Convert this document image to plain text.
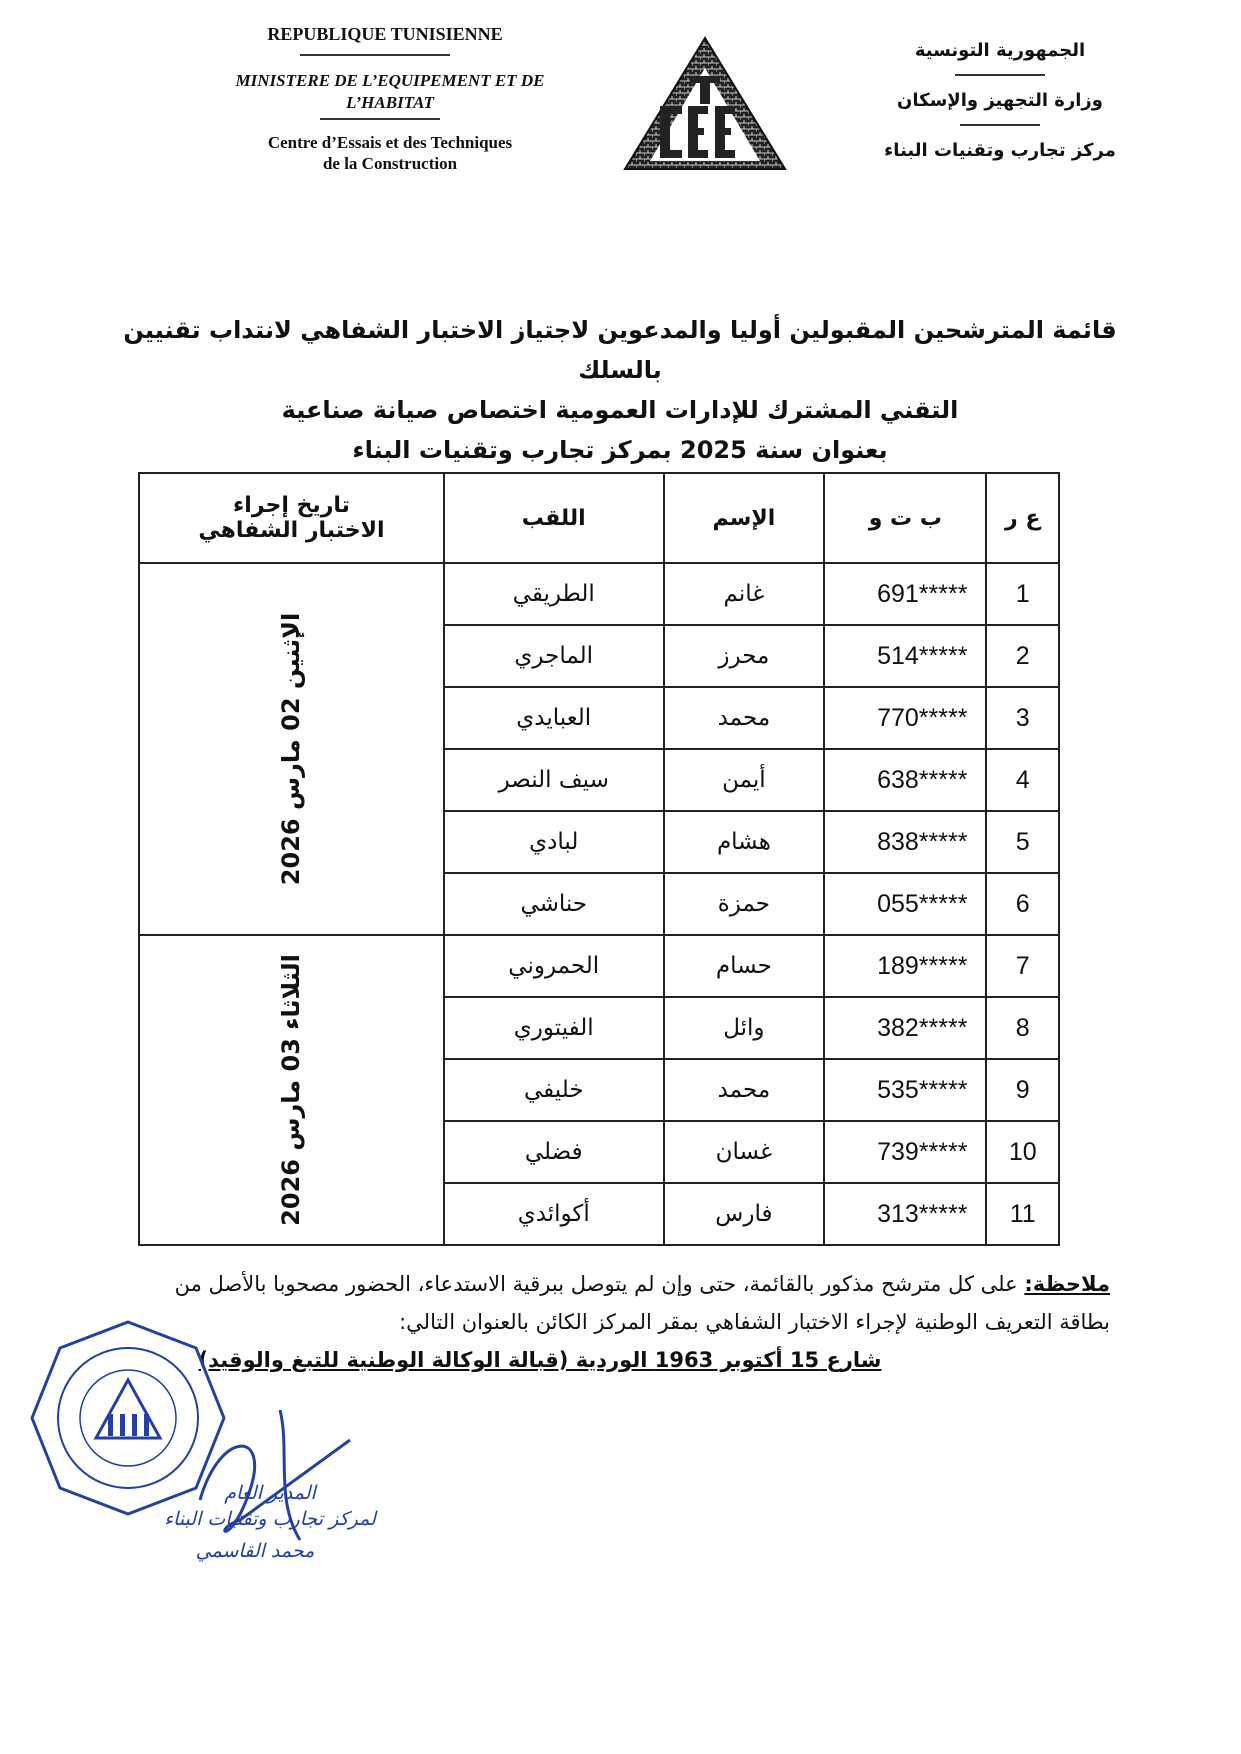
REPUBLIQUE TUNISIENNE
MINISTERE DE L’EQUIPEMENT ET DE
L’HABITAT
Centre d’Essais et des Techniques
de la Construction	CETC
الجمهورية التونسية
وزارة التجهيز والإسكان
مركز تجارب وتقنيات البناء
قائمة المترشحين المقبولين أوليا والمدعوين لاجتياز الاختبار الشفاهي لانتداب تقنيين بالسلك
التقني المشترك للإدارات العمومية اختصاص صيانة صناعية
بعنوان سنة 2025 بمركز تجارب وتقنيات البناء
ع ر	ب ت و	الإسم	اللقب	تاريخ إجراء
الاختبار الشفاهي

1	691*****	غانم	الطريقي	الإثنين 02 مارس 2026

2	514*****	محرز	الماجري	
3	770*****	محمد	العبايدي	
4	638*****	أيمن	سيف النصر	
5	838*****	هشام	لبادي	
6	055*****	حمزة	حناشي	
7	189*****	حسام	الحمروني	الثلاثاء 03 مارس 2026

8	382*****	وائل	الفيتوري	
9	535*****	محمد	خليفي	
10	739*****	غسان	فضلي	
11	313*****	فارس	أكوائدي	
ملاحظة: على كل مترشح مذكور بالقائمة، حتى وإن لم يتوصل ببرقية الاستدعاء، الحضور مصحوبا بالأصل من
بطاقة التعريف الوطنية لإجراء الاختبار الشفاهي بمقر المركز الكائن بالعنوان التالي:
شارع 15 أكتوبر 1963 الوردية (قبالة الوكالة الوطنية للتبغ والوقيد)
وزارة التجهيز والإسكان والتهيئة الترابية - مركز تجارب وتقنيات البناء
المدير العام
لمركز تجارب وتقنيات البناء
محمد القاسمي
